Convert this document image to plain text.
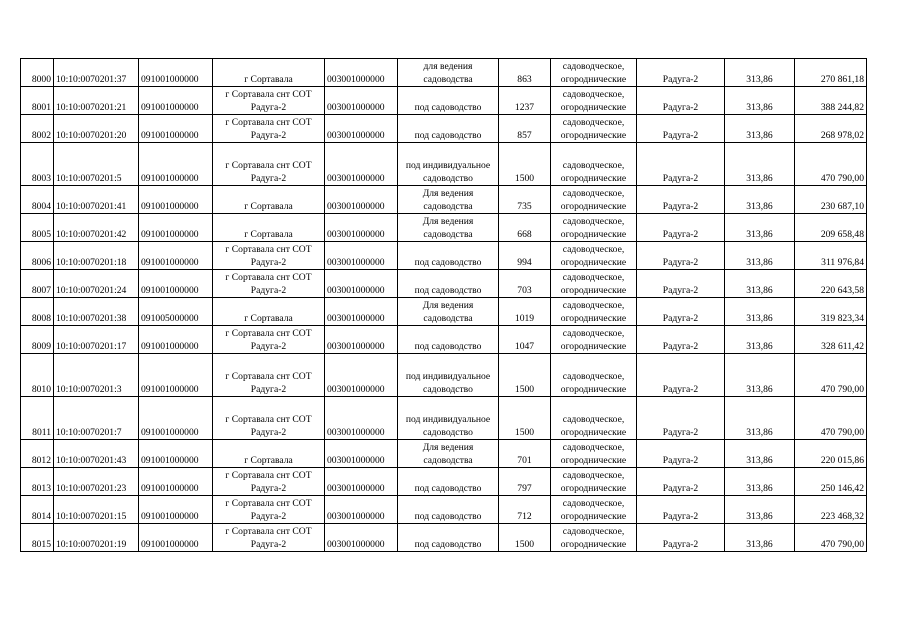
8000	10:10:0070201:37	091001000000	г Сортавала	003001000000	для ведения
садоводства	863	садоводческое,
огороднические	Радуга-2	313,86	270 861,18
8001	10:10:0070201:21	091001000000	г Сортавала снт СОТ
Радуга-2	003001000000	под садоводство	1237	садоводческое,
огороднические	Радуга-2	313,86	388 244,82
8002	10:10:0070201:20	091001000000	г Сортавала снт СОТ
Радуга-2	003001000000	под садоводство	857	садоводческое,
огороднические	Радуга-2	313,86	268 978,02
8003	10:10:0070201:5	091001000000	г Сортавала снт СОТ
Радуга-2	003001000000	под индивидуальное
садоводство	1500	садоводческое,
огороднические	Радуга-2	313,86	470 790,00
8004	10:10:0070201:41	091001000000	г Сортавала	003001000000	Для ведения
садоводства	735	садоводческое,
огороднические	Радуга-2	313,86	230 687,10
8005	10:10:0070201:42	091001000000	г Сортавала	003001000000	Для ведения
садоводства	668	садоводческое,
огороднические	Радуга-2	313,86	209 658,48
8006	10:10:0070201:18	091001000000	г Сортавала снт СОТ
Радуга-2	003001000000	под садоводство	994	садоводческое,
огороднические	Радуга-2	313,86	311 976,84
8007	10:10:0070201:24	091001000000	г Сортавала снт СОТ
Радуга-2	003001000000	под садоводство	703	садоводческое,
огороднические	Радуга-2	313,86	220 643,58
8008	10:10:0070201:38	091005000000	г Сортавала	003001000000	Для ведения
садоводства	1019	садоводческое,
огороднические	Радуга-2	313,86	319 823,34
8009	10:10:0070201:17	091001000000	г Сортавала снт СОТ
Радуга-2	003001000000	под садоводство	1047	садоводческое,
огороднические	Радуга-2	313,86	328 611,42
8010	10:10:0070201:3	091001000000	г Сортавала снт СОТ
Радуга-2	003001000000	под индивидуальное
садоводство	1500	садоводческое,
огороднические	Радуга-2	313,86	470 790,00
8011	10:10:0070201:7	091001000000	г Сортавала снт СОТ
Радуга-2	003001000000	под индивидуальное
садоводство	1500	садоводческое,
огороднические	Радуга-2	313,86	470 790,00
8012	10:10:0070201:43	091001000000	г Сортавала	003001000000	Для ведения
садоводства	701	садоводческое,
огороднические	Радуга-2	313,86	220 015,86
8013	10:10:0070201:23	091001000000	г Сортавала снт СОТ
Радуга-2	003001000000	под садоводство	797	садоводческое,
огороднические	Радуга-2	313,86	250 146,42
8014	10:10:0070201:15	091001000000	г Сортавала снт СОТ
Радуга-2	003001000000	под садоводство	712	садоводческое,
огороднические	Радуга-2	313,86	223 468,32
8015	10:10:0070201:19	091001000000	г Сортавала снт СОТ
Радуга-2	003001000000	под садоводство	1500	садоводческое,
огороднические	Радуга-2	313,86	470 790,00
